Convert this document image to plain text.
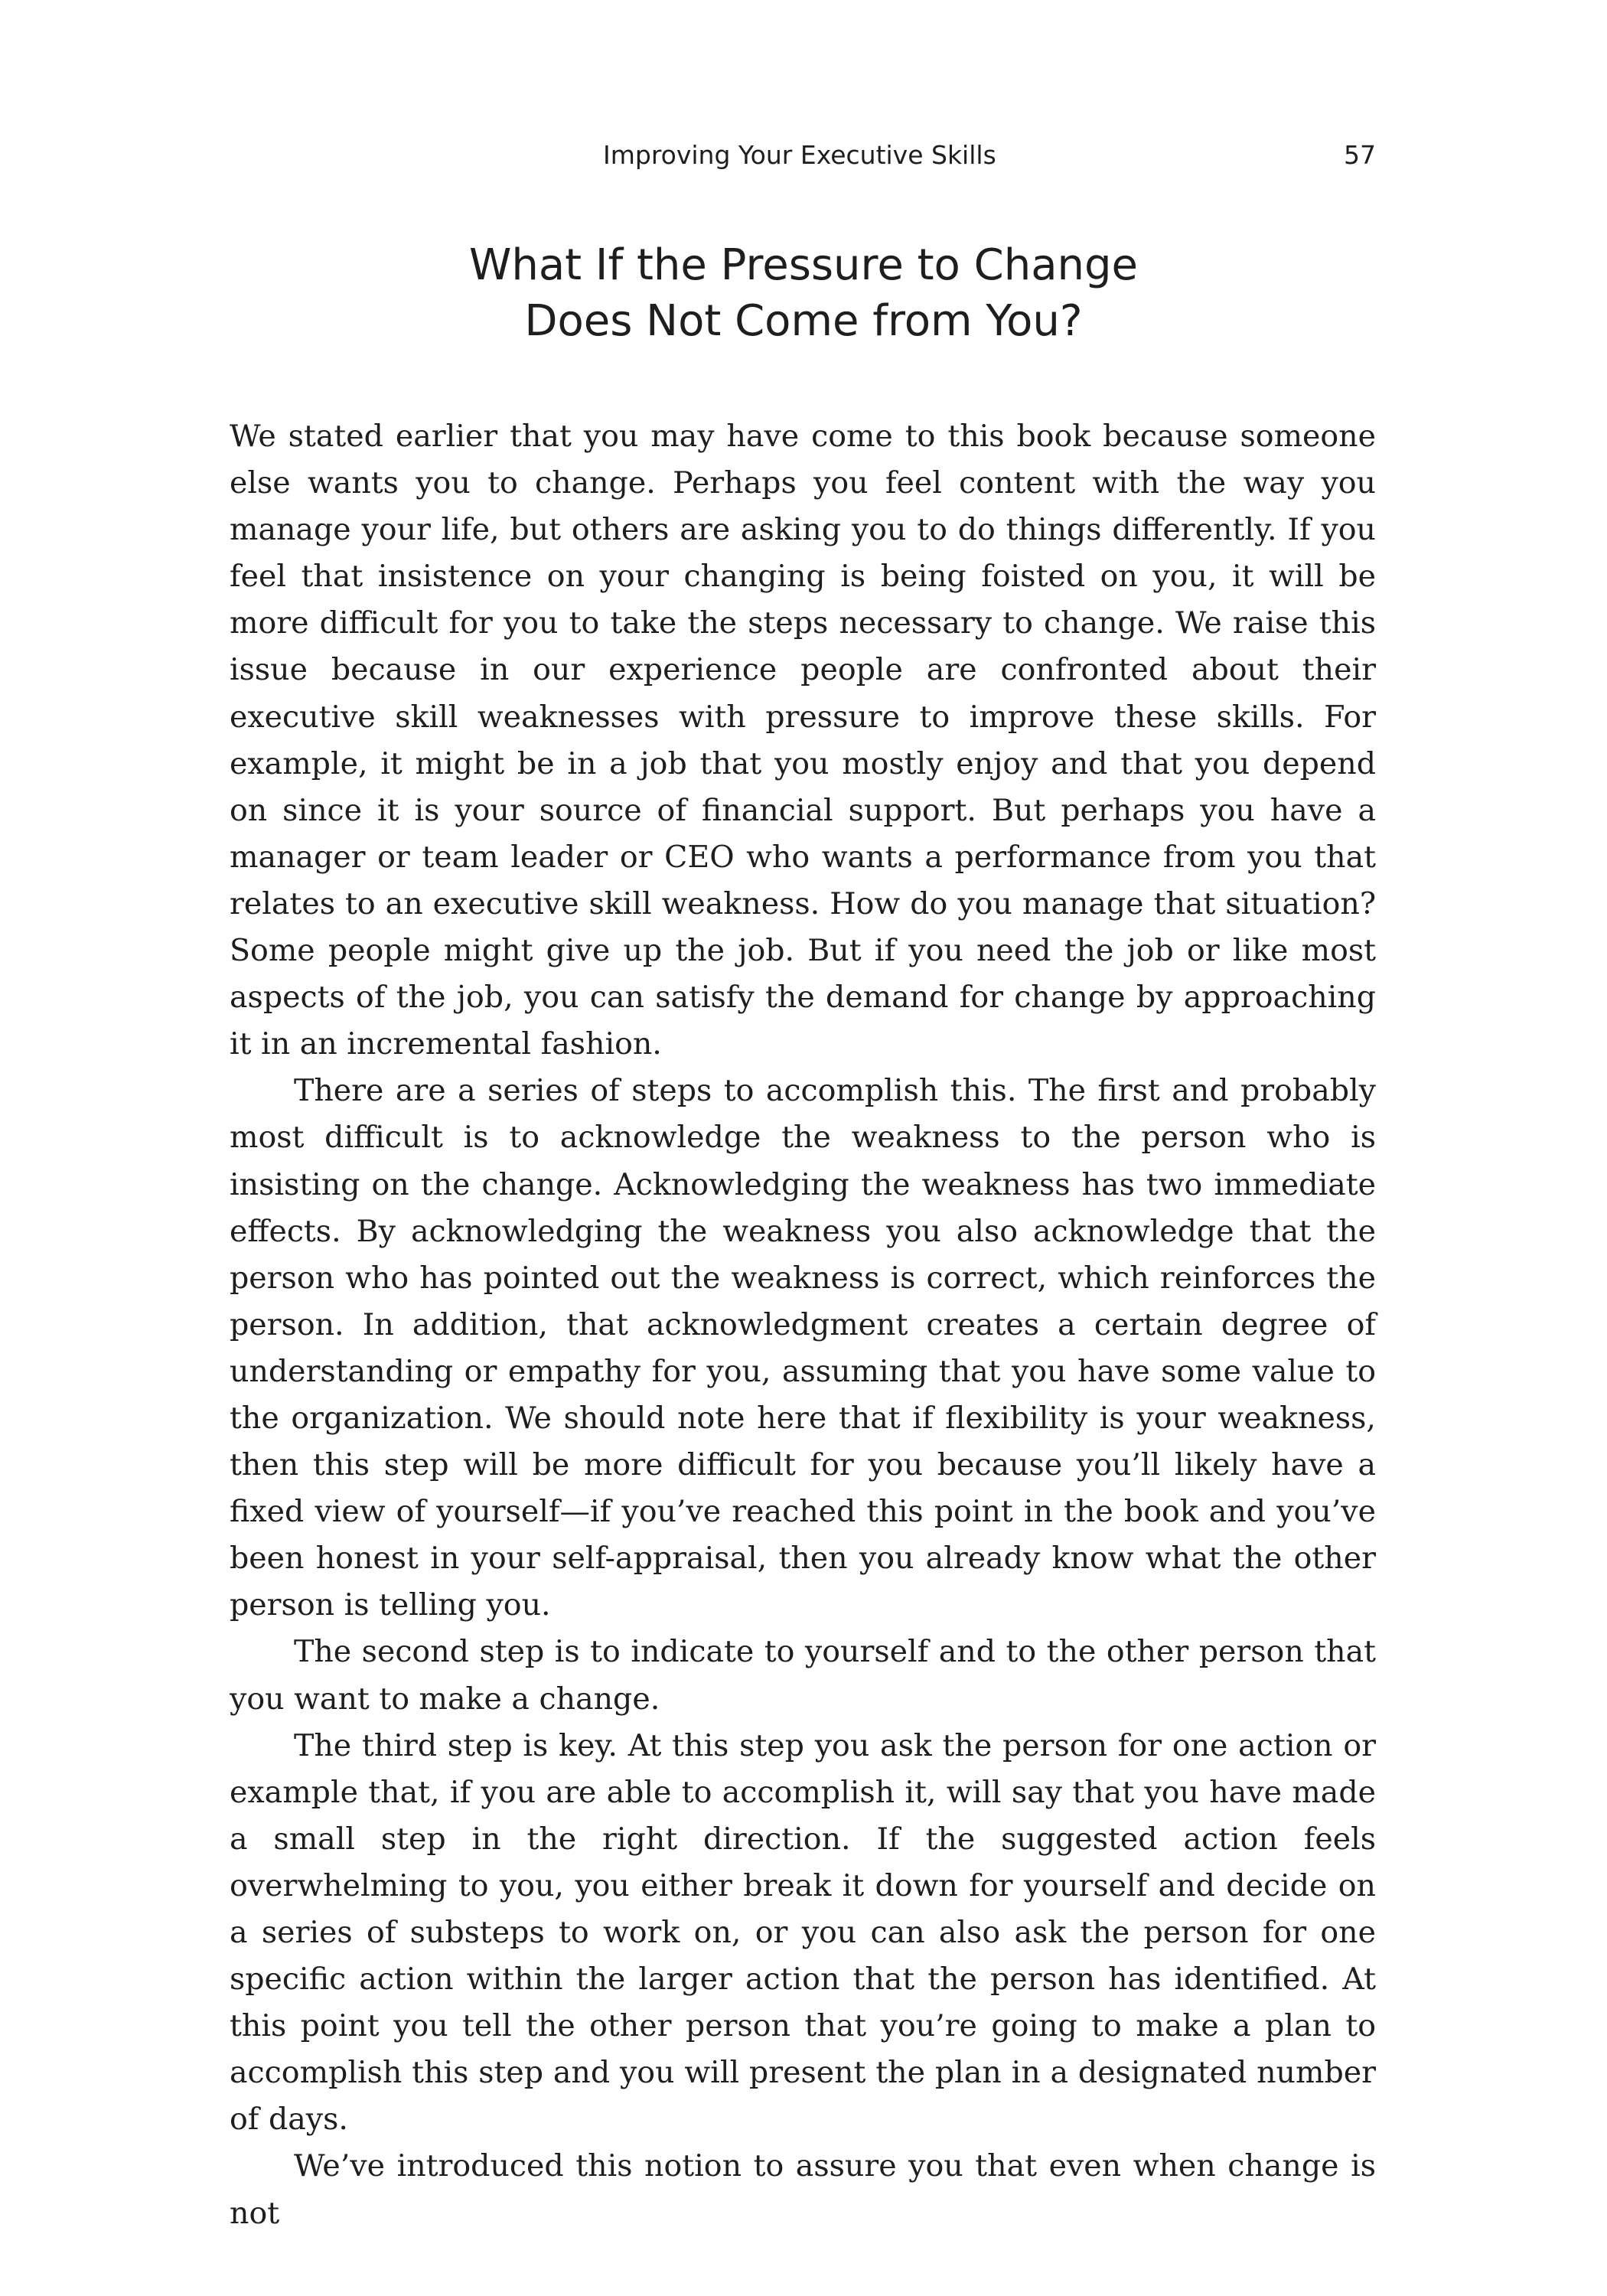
Improving Your Executive Skills	57
What If the Pressure to Change
Does Not Come from You?

We stated earlier that you may have come to this book because someone else wants you to change. Perhaps you feel content with the way you manage your life, but others are asking you to do things differently. If you feel that insistence on your changing is being foisted on you, it will be more difficult for you to take the steps necessary to change. We raise this issue because in our experience people are confronted about their executive skill weaknesses with pressure to improve these skills. For example, it might be in a job that you mostly enjoy and that you depend on since it is your source of financial support. But perhaps you have a manager or team leader or CEO who wants a performance from you that relates to an executive skill weakness. How do you manage that situation? Some people might give up the job. But if you need the job or like most aspects of the job, you can satisfy the demand for change by approaching it in an incremental fashion.

There are a series of steps to accomplish this. The first and probably most difficult is to acknowledge the weakness to the person who is insisting on the change. Acknowledging the weakness has two immediate effects. By acknowledging the weakness you also acknowledge that the person who has pointed out the weakness is correct, which reinforces the person. In addition, that acknowledgment creates a certain degree of understanding or empathy for you, assuming that you have some value to the organization. We should note here that if flexibility is your weakness, then this step will be more difficult for you because you’ll likely have a fixed view of yourself—if you’ve reached this point in the book and you’ve been honest in your self-appraisal, then you already know what the other person is telling you.

The second step is to indicate to yourself and to the other person that you want to make a change.

The third step is key. At this step you ask the person for one action or example that, if you are able to accomplish it, will say that you have made a small step in the right direction. If the suggested action feels overwhelming to you, you either break it down for yourself and decide on a series of substeps to work on, or you can also ask the person for one specific action within the larger action that the person has identified. At this point you tell the other person that you’re going to make a plan to accomplish this step and you will present the plan in a designated number of days.

We’ve introduced this notion to assure you that even when change is not
